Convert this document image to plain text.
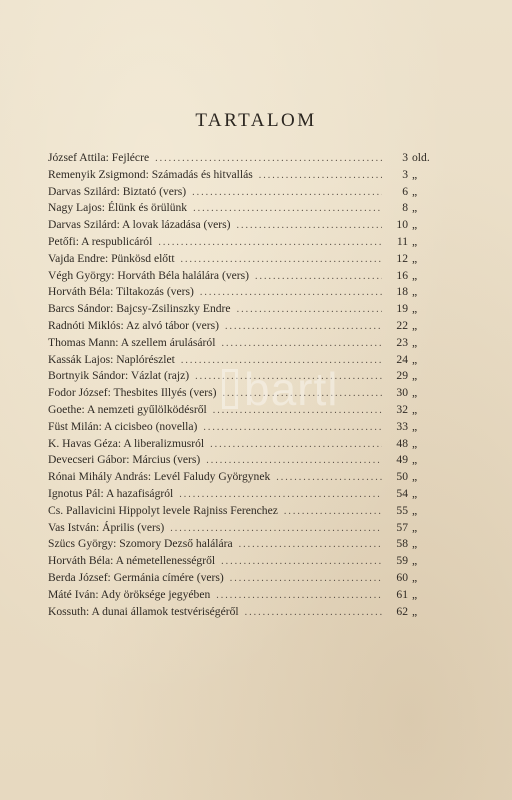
TARTALOM
József Attila: Fejlécre .....	3 old.
Remenyik Zsigmond: Számadás és hitvallás .....	3 „
Darvas Szilárd: Biztató (vers) .....	6 „
Nagy Lajos: Élünk és örülünk .....	8 „
Darvas Szilárd: A lovak lázadása (vers) .....	10 „
Petőfi: A respublicáról .....	11 „
Vajda Endre: Pünkösd előtt .....	12 „
Végh György: Horváth Béla halálára (vers) .....	16 „
Horváth Béla: Tiltakozás (vers) .....	18 „
Barcs Sándor: Bajcsy-Zsilinszky Endre .....	19 „
Radnóti Miklós: Az alvó tábor (vers) .....	22 „
Thomas Mann: A szellem árulásáról .....	23 „
Kassák Lajos: Naplórészlet .....	24 „
Bortnyik Sándor: Vázlat (rajz) .....	29 „
Fodor József: Thesbites Illyés (vers) .....	30 „
Goethe: A nemzeti gyűlölködésről .....	32 „
Füst Milán: A cicisbeo (novella) .....	33 „
K. Havas Géza: A liberalizmusról .....	48 „
Devecseri Gábor: Március (vers) .....	49 „
Rónai Mihály András: Levél Faludy Györgynek .....	50 „
Ignotus Pál: A hazafiságról .....	54 „
Cs. Pallavicini Hippolyt levele Rajniss Ferenchez .....	55 „
Vas István: Április (vers) .....	57 „
Szücs György: Szomory Dezső halálára .....	58 „
Horváth Béla: A németellenességről .....	59 „
Berda József: Germánia címére (vers) .....	60 „
Máté Iván: Ady öröksége jegyében .....	61 „
Kossuth: A dunai államok testvériségéről .....	62 „
bartl
